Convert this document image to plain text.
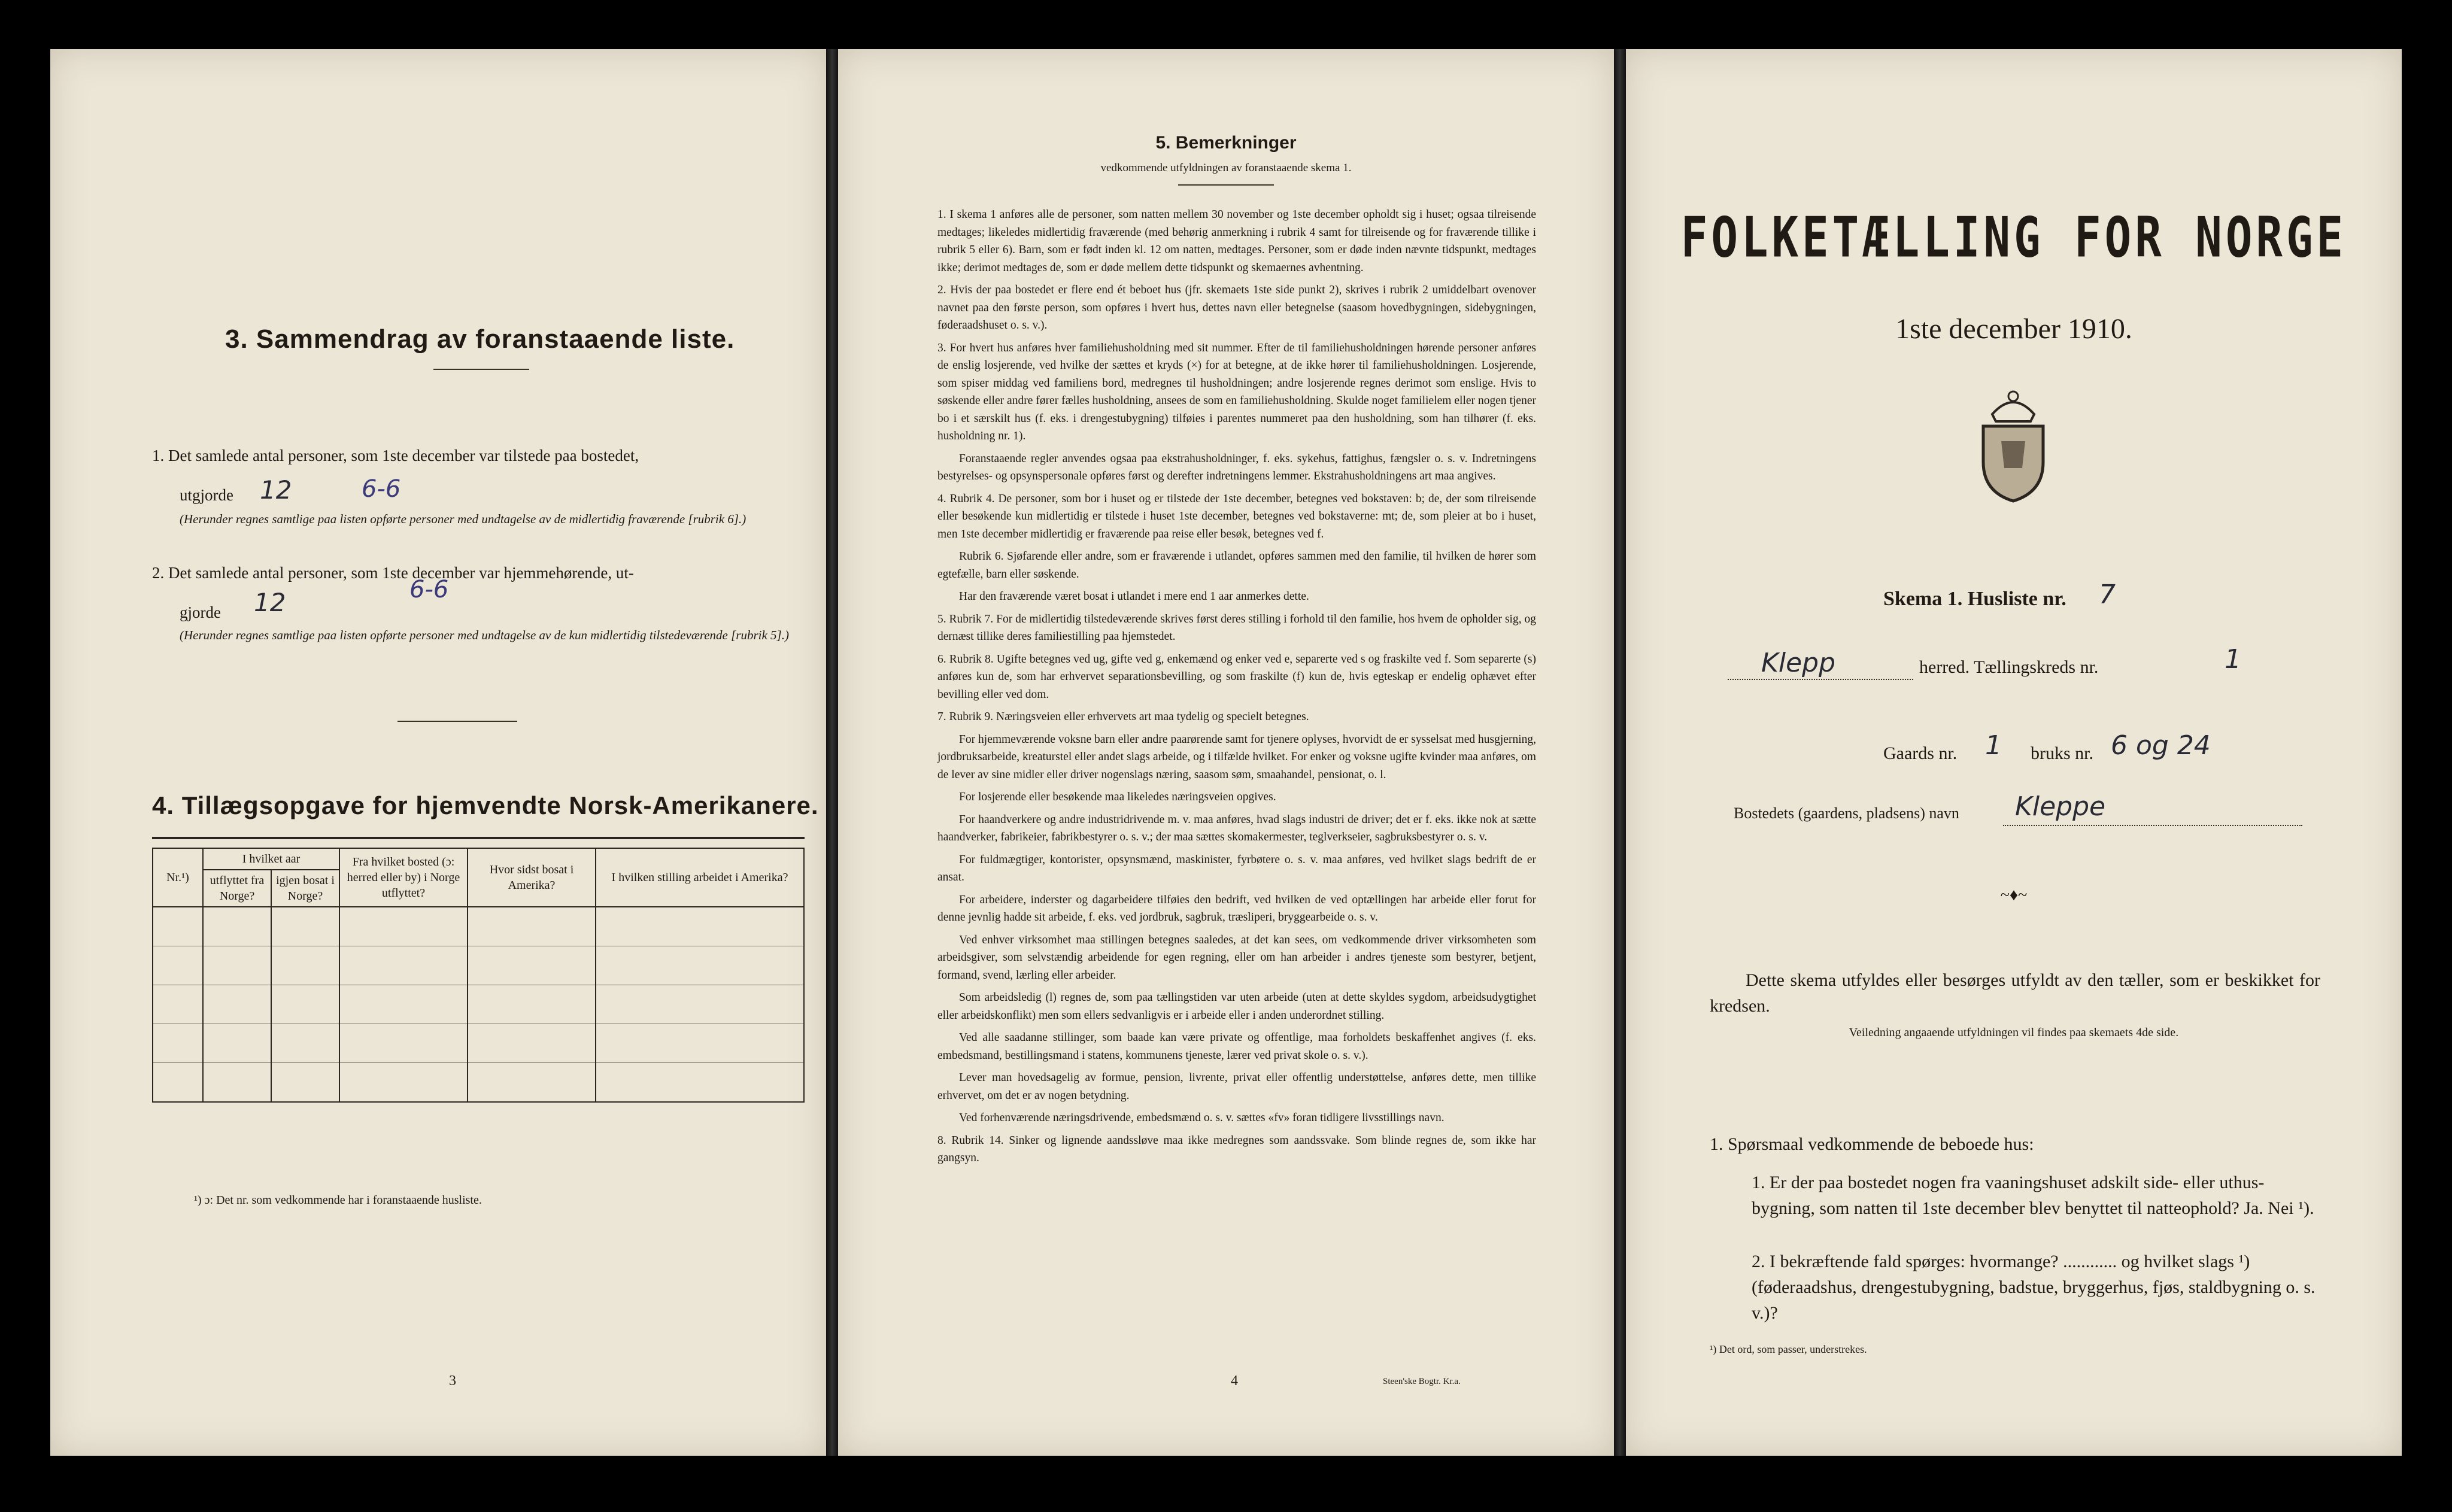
3. Sammendrag av foranstaaende liste.
1. Det samlede antal personer, som 1ste december var tilstede paa bostedet,
utgjorde 12	6-6
(Herunder regnes samtlige paa listen opførte personer med undtagelse av de midlertidig fraværende [rubrik 6].)
2. Det samlede antal personer, som 1ste december var hjemmehørende, ut-
gjorde 12	6-6
(Herunder regnes samtlige paa listen opførte personer med undtagelse av de kun midlertidig tilstedeværende [rubrik 5].)
4. Tillægsopgave for hjemvendte Norsk-Amerikanere.
Nr.¹)	I hvilket aar		Fra hvilket bosted (ɔ: herred eller by) i Norge utflyttet?	Hvor sidst bosat i Amerika?	I hvilken stilling arbeidet i Amerika?
	utflyttet fra Norge?	igjen bosat i Norge?			

¹) ɔ: Det nr. som vedkommende har i foranstaaende husliste.
3
5. Bemerkninger
vedkommende utfyldningen av foranstaaende skema 1.

1. I skema 1 anføres alle de personer, som natten mellem 30 november og 1ste december opholdt sig i huset; ogsaa tilreisende medtages; likeledes midlertidig fraværende (med behørig anmerkning i rubrik 4 samt for tilreisende og for fraværende tillike i rubrik 5 eller 6). Barn, som er født inden kl. 12 om natten, medtages. Personer, som er døde inden nævnte tidspunkt, medtages ikke; derimot medtages de, som er døde mellem dette tidspunkt og skemaernes avhentning.

2. Hvis der paa bostedet er flere end ét beboet hus (jfr. skemaets 1ste side punkt 2), skrives i rubrik 2 umiddelbart ovenover navnet paa den første person, som opføres i hvert hus, dettes navn eller betegnelse (saasom hovedbygningen, sidebygningen, føderaadshuset o. s. v.).

3. For hvert hus anføres hver familiehusholdning med sit nummer. Efter de til familiehusholdningen hørende personer anføres de enslig losjerende, ved hvilke der sættes et kryds (×) for at betegne, at de ikke hører til familiehusholdningen. Losjerende, som spiser middag ved familiens bord, medregnes til husholdningen; andre losjerende regnes derimot som enslige. Hvis to søskende eller andre fører fælles husholdning, ansees de som en familiehusholdning. Skulde noget familielem eller nogen tjener bo i et særskilt hus (f. eks. i drengestubygning) tilføies i parentes nummeret paa den husholdning, som han tilhører (f. eks. husholdning nr. 1).

Foranstaaende regler anvendes ogsaa paa ekstrahusholdninger, f. eks. sykehus, fattighus, fængsler o. s. v. Indretningens bestyrelses- og opsynspersonale opføres først og derefter indretningens lemmer. Ekstrahusholdningens art maa angives.

4. Rubrik 4. De personer, som bor i huset og er tilstede der 1ste december, betegnes ved bokstaven: b; de, der som tilreisende eller besøkende kun midlertidig er tilstede i huset 1ste december, betegnes ved bokstaverne: mt; de, som pleier at bo i huset, men 1ste december midlertidig er fraværende paa reise eller besøk, betegnes ved f.

Rubrik 6. Sjøfarende eller andre, som er fraværende i utlandet, opføres sammen med den familie, til hvilken de hører som egtefælle, barn eller søskende.

Har den fraværende været bosat i utlandet i mere end 1 aar anmerkes dette.

5. Rubrik 7. For de midlertidig tilstedeværende skrives først deres stilling i forhold til den familie, hos hvem de opholder sig, og dernæst tillike deres familiestilling paa hjemstedet.

6. Rubrik 8. Ugifte betegnes ved ug, gifte ved g, enkemænd og enker ved e, separerte ved s og fraskilte ved f. Som separerte (s) anføres kun de, som har erhvervet separationsbevilling, og som fraskilte (f) kun de, hvis egteskap er endelig ophævet efter bevilling eller ved dom.

7. Rubrik 9. Næringsveien eller erhvervets art maa tydelig og specielt betegnes.

For hjemmeværende voksne barn eller andre paarørende samt for tjenere oplyses, hvorvidt de er sysselsat med husgjerning, jordbruksarbeide, kreaturstel eller andet slags arbeide, og i tilfælde hvilket. For enker og voksne ugifte kvinder maa anføres, om de lever av sine midler eller driver nogenslags næring, saasom søm, smaahandel, pensionat, o. l.

For losjerende eller besøkende maa likeledes næringsveien opgives.

For haandverkere og andre industridrivende m. v. maa anføres, hvad slags industri de driver; det er f. eks. ikke nok at sætte haandverker, fabrikeier, fabrikbestyrer o. s. v.; der maa sættes skomakermester, teglverkseier, sagbruksbestyrer o. s. v.

For fuldmægtiger, kontorister, opsynsmænd, maskinister, fyrbøtere o. s. v. maa anføres, ved hvilket slags bedrift de er ansat.

For arbeidere, inderster og dagarbeidere tilføies den bedrift, ved hvilken de ved optællingen har arbeide eller forut for denne jevnlig hadde sit arbeide, f. eks. ved jordbruk, sagbruk, træsliperi, bryggearbeide o. s. v.

Ved enhver virksomhet maa stillingen betegnes saaledes, at det kan sees, om vedkommende driver virksomheten som arbeidsgiver, som selvstændig arbeidende for egen regning, eller om han arbeider i andres tjeneste som bestyrer, betjent, formand, svend, lærling eller arbeider.

Som arbeidsledig (l) regnes de, som paa tællingstiden var uten arbeide (uten at dette skyldes sygdom, arbeidsudygtighet eller arbeidskonflikt) men som ellers sedvanligvis er i arbeide eller i anden underordnet stilling.

Ved alle saadanne stillinger, som baade kan være private og offentlige, maa forholdets beskaffenhet angives (f. eks. embedsmand, bestillingsmand i statens, kommunens tjeneste, lærer ved privat skole o. s. v.).

Lever man hovedsagelig av formue, pension, livrente, privat eller offentlig understøttelse, anføres dette, men tillike erhvervet, om det er av nogen betydning.

Ved forhenværende næringsdrivende, embedsmænd o. s. v. sættes «fv» foran tidligere livsstillings navn.

8. Rubrik 14. Sinker og lignende aandssløve maa ikke medregnes som aandssvake. Som blinde regnes de, som ikke har gangsyn.

4	Steen'ske Bogtr. Kr.a.
FOLKETÆLLING FOR NORGE
1ste december 1910.
Skema 1. Husliste nr. 7
Klepp	herred. Tællingskreds nr.	1
Gaards nr. 1 bruks nr. 6 og 24
Bostedets (gaardens, pladsens) navn Kleppe
~♦~
Dette skema utfyldes eller besørges utfyldt av den tæller, som er beskikket for kredsen.
Veiledning angaaende utfyldningen vil findes paa skemaets 4de side.
1. Spørsmaal vedkommende de beboede hus:
1. Er der paa bostedet nogen fra vaaningshuset adskilt side- eller uthus-bygning, som natten til 1ste december blev benyttet til natteophold? Ja. Nei ¹).
2. I bekræftende fald spørges: hvormange? ............ og hvilket slags ¹) (føderaadshus, drengestubygning, badstue, bryggerhus, fjøs, staldbygning o. s. v.)?
¹) Det ord, som passer, understrekes.
